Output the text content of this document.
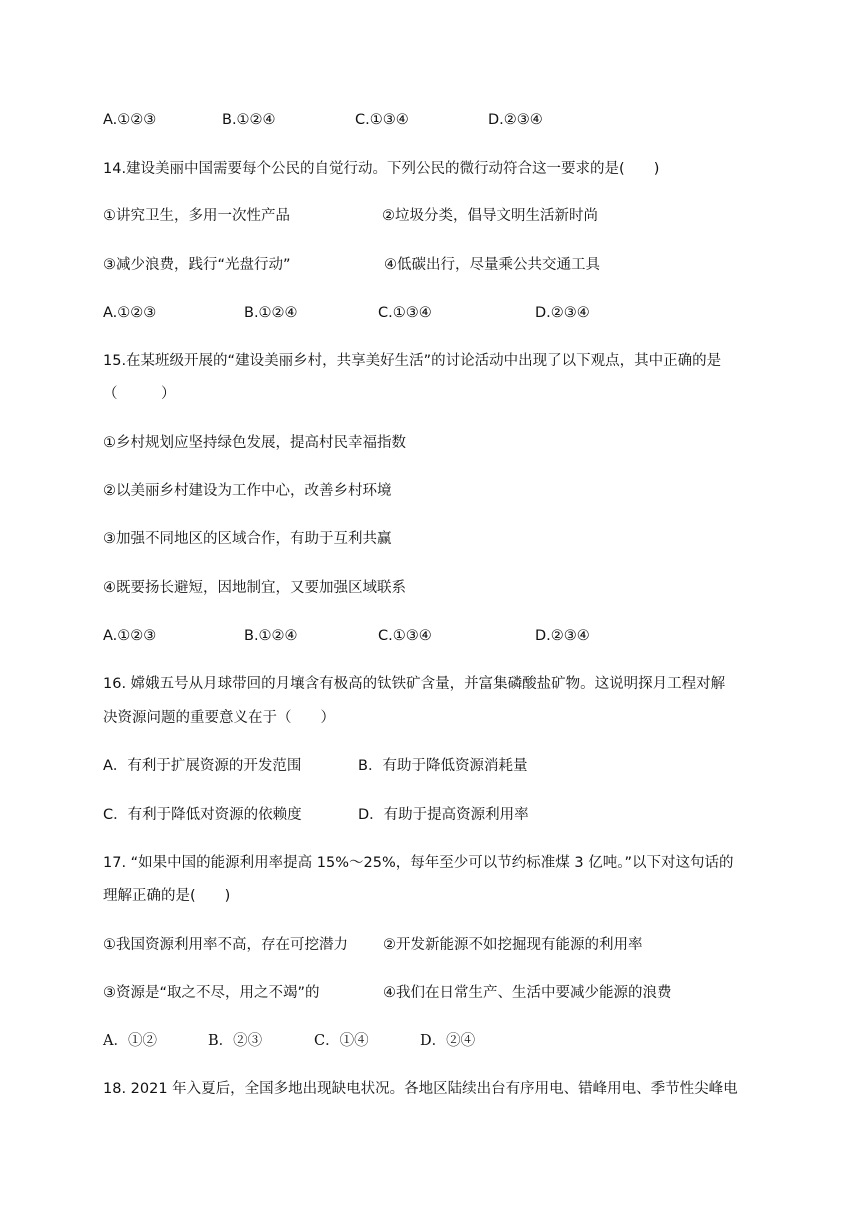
A.①②③	B.①②④	C.①③④	D.②③④
14.建设美丽中国需要每个公民的自觉行动。下列公民的微行动符合这一要求的是(　　)
①讲究卫生，多用一次性产品	②垃圾分类，倡导文明生活新时尚
③减少浪费，践行“光盘行动”	④低碳出行，尽量乘公共交通工具
A.①②③	B.①②④	C.①③④	D.②③④
15.在某班级开展的“建设美丽乡村，共享美好生活”的讨论活动中出现了以下观点，其中正确的是
（　　　）
①乡村规划应坚持绿色发展，提高村民幸福指数
②以美丽乡村建设为工作中心，改善乡村环境
③加强不同地区的区域合作，有助于互利共赢
④既要扬长避短，因地制宜，又要加强区域联系
A.①②③	B.①②④	C.①③④	D.②③④
16. 嫦娥五号从月球带回的月壤含有极高的钛铁矿含量，并富集磷酸盐矿物。这说明探月工程对解
决资源问题的重要意义在于（　　）
A．有利于扩展资源的开发范围	B．有助于降低资源消耗量
C．有利于降低对资源的依赖度	D．有助于提高资源利用率
17. “如果中国的能源利用率提高 15%～25%，每年至少可以节约标准煤 3 亿吨。”以下对这句话的
理解正确的是(　　)
①我国资源利用率不高，存在可挖潜力 ②开发新能源不如挖掘现有能源的利用率
③资源是“取之不尽，用之不竭”的	④我们在日常生产、生活中要减少能源的浪费
A．①②	B．②③	C．①④	D．②④
18. 2021 年入夏后，全国多地出现缺电状况。各地区陆续出台有序用电、错峰用电、季节性尖峰电
